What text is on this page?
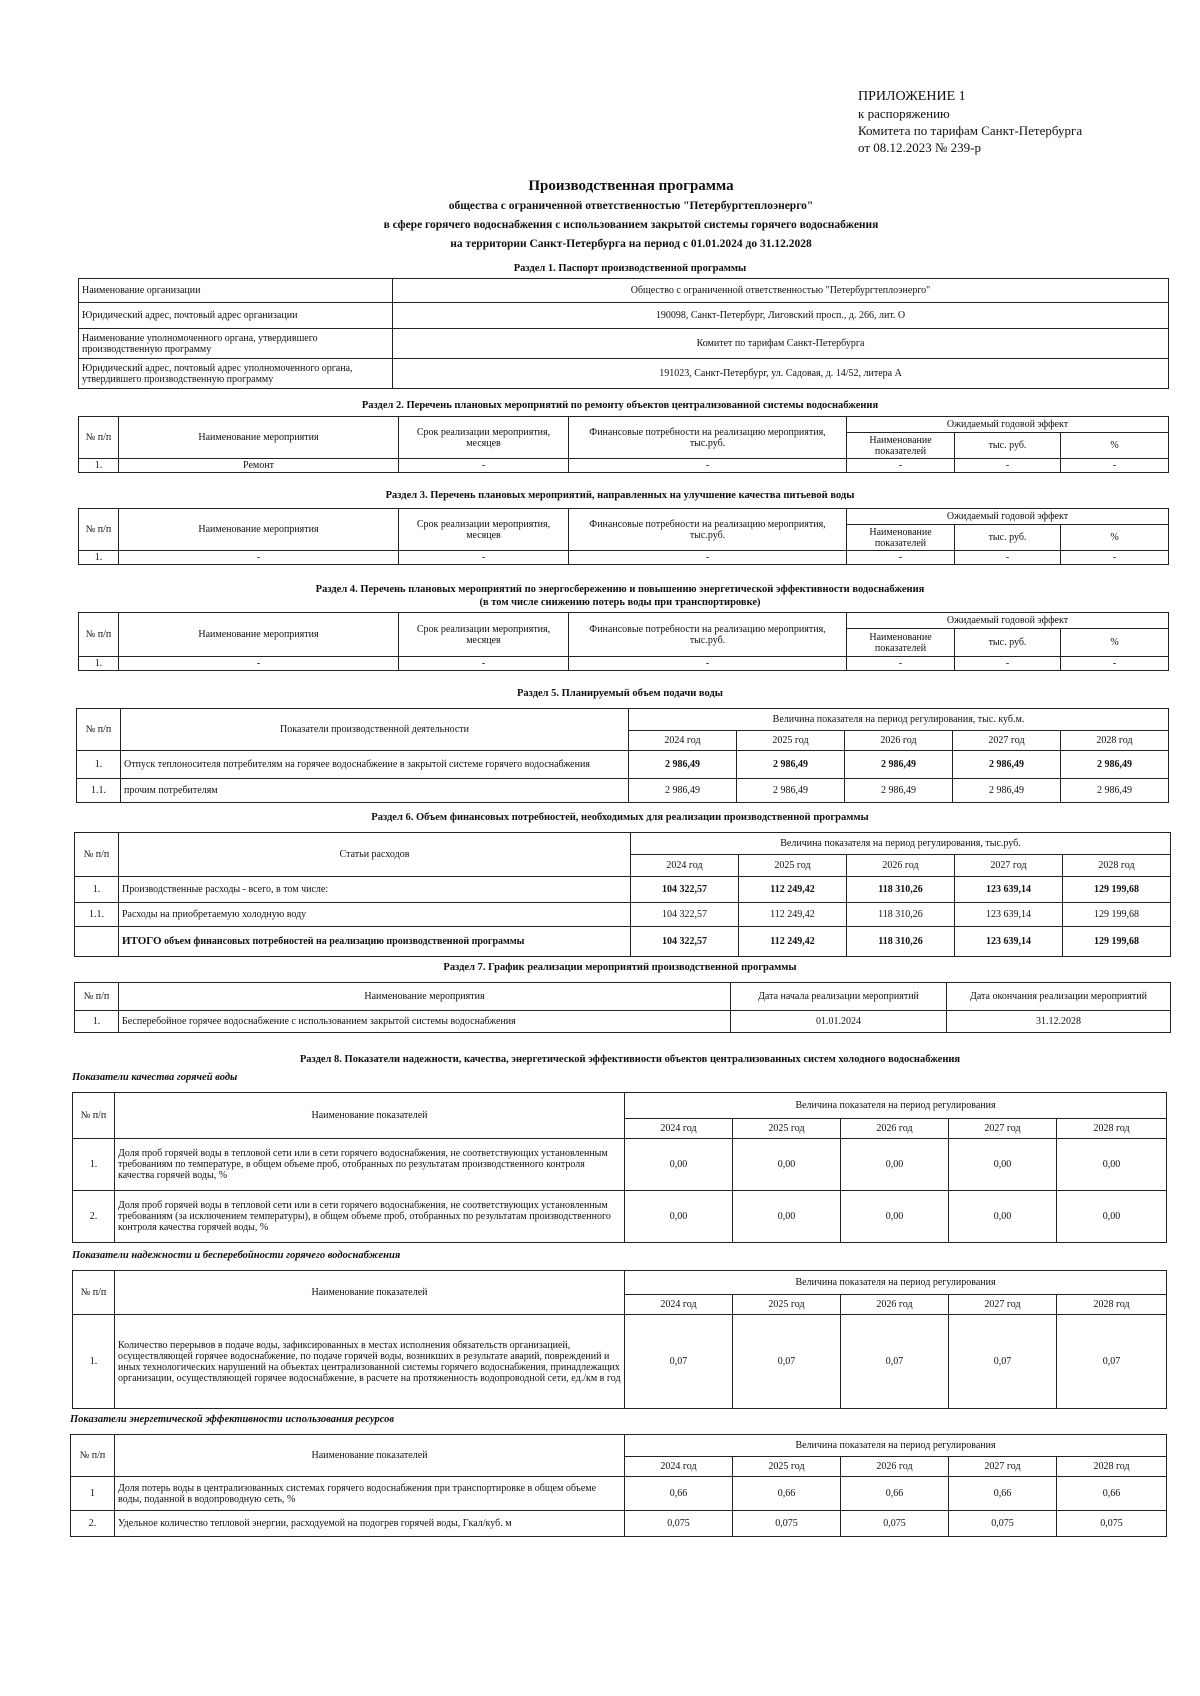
ПРИЛОЖЕНИЕ 1
к распоряжению
Комитета по тарифам Санкт-Петербурга
от 08.12.2023 № 239-р
Производственная программа
общества с ограниченной ответственностью "Петербургтеплоэнерго"
в сфере горячего водоснабжения с использованием закрытой системы горячего водоснабжения
на территории Санкт-Петербурга на период с 01.01.2024 до 31.12.2028
Раздел 1. Паспорт производственной программы
Наименование организации	Общество с ограниченной ответственностью "Петербургтеплоэнерго"
Юридический адрес, почтовый адрес организации	190098, Санкт-Петербург, Лиговский просп., д. 266, лит. О
Наименование уполномоченного органа, утвердившего производственную программу	Комитет по тарифам Санкт-Петербурга
Юридический адрес, почтовый адрес уполномоченного органа, утвердившего производственную программу	191023, Санкт-Петербург, ул. Садовая, д. 14/52, литера А
Раздел 2. Перечень плановых мероприятий по ремонту объектов централизованной системы водоснабжения
№ п/п	Наименование мероприятия	Срок реализации мероприятия, месяцев	Финансовые потребности на реализацию мероприятия, тыс.руб.	Ожидаемый годовой эффект		
				Наименование показателей	тыс. руб.	%
1.	Ремонт	-	-	-	-	-
Раздел 3. Перечень плановых мероприятий, направленных на улучшение качества питьевой воды
№ п/п	Наименование мероприятия	Срок реализации мероприятия, месяцев	Финансовые потребности на реализацию мероприятия, тыс.руб.	Ожидаемый годовой эффект		
				Наименование показателей	тыс. руб.	%
1.	-	-	-	-	-	-
Раздел 4. Перечень плановых мероприятий по энергосбережению и повышению энергетической эффективности водоснабжения
(в том числе снижению потерь воды при транспортировке)
№ п/п	Наименование мероприятия	Срок реализации мероприятия, месяцев	Финансовые потребности на реализацию мероприятия, тыс.руб.	Ожидаемый годовой эффект		
				Наименование показателей	тыс. руб.	%
1.	-	-	-	-	-	-
Раздел 5. Планируемый объем подачи воды
№ п/п	Показатели производственной деятельности	Величина показателя на период регулирования, тыс. куб.м.				
		2024 год	2025 год	2026 год	2027 год	2028 год
1.	Отпуск теплоносителя потребителям на горячее водоснабжение в закрытой системе горячего водоснабжения	2 986,49	2 986,49	2 986,49	2 986,49	2 986,49
1.1.	прочим потребителям	2 986,49	2 986,49	2 986,49	2 986,49	2 986,49
Раздел 6. Объем финансовых потребностей, необходимых для реализации производственной программы
№ п/п	Статьи расходов	Величина показателя на период регулирования, тыс.руб.				
		2024 год	2025 год	2026 год	2027 год	2028 год
1.	Производственные расходы - всего, в том числе:	104 322,57	112 249,42	118 310,26	123 639,14	129 199,68
1.1.	Расходы на приобретаемую холодную воду	104 322,57	112 249,42	118 310,26	123 639,14	129 199,68
	ИТОГО объем финансовых потребностей на реализацию производственной программы	104 322,57	112 249,42	118 310,26	123 639,14	129 199,68
Раздел 7. График реализации мероприятий производственной программы
№ п/п	Наименование мероприятия	Дата начала реализации мероприятий	Дата окончания реализации мероприятий
1.	Бесперебойное горячее водоснабжение с использованием закрытой системы водоснабжения	01.01.2024	31.12.2028
Раздел 8. Показатели надежности, качества, энергетической эффективности объектов централизованных систем холодного водоснабжения
Показатели качества горячей воды
№ п/п	Наименование показателей	Величина показателя на период регулирования				
		2024 год	2025 год	2026 год	2027 год	2028 год
1.	Доля проб горячей воды в тепловой сети или в сети горячего водоснабжения, не соответствующих установленным требованиям по температуре, в общем объеме проб, отобранных по результатам производственного контроля качества горячей воды, %	0,00	0,00	0,00	0,00	0,00
2.	Доля проб горячей воды в тепловой сети или в сети горячего водоснабжения, не соответствующих установленным требованиям (за исключением температуры), в общем объеме проб, отобранных по результатам производственного контроля качества горячей воды, %	0,00	0,00	0,00	0,00	0,00
Показатели надежности и бесперебойности горячего водоснабжения
№ п/п	Наименование показателей	Величина показателя на период регулирования				
		2024 год	2025 год	2026 год	2027 год	2028 год
1.	Количество перерывов в подаче воды, зафиксированных в местах исполнения обязательств организацией, осуществляющей горячее водоснабжение, по подаче горячей воды, возникших в результате аварий, повреждений и иных технологических нарушений на объектах централизованной системы горячего водоснабжения, принадлежащих организации, осуществляющей горячее водоснабжение, в расчете на протяженность водопроводной сети, ед./км в год	0,07	0,07	0,07	0,07	0,07
Показатели энергетической эффективности использования ресурсов
№ п/п	Наименование показателей	Величина показателя на период регулирования				
		2024 год	2025 год	2026 год	2027 год	2028 год
1	Доля потерь воды в централизованных системах горячего водоснабжения при транспортировке в общем объеме воды, поданной в водопроводную сеть, %	0,66	0,66	0,66	0,66	0,66
2.	Удельное количество тепловой энергии, расходуемой на подогрев горячей воды, Гкал/куб. м	0,075	0,075	0,075	0,075	0,075
